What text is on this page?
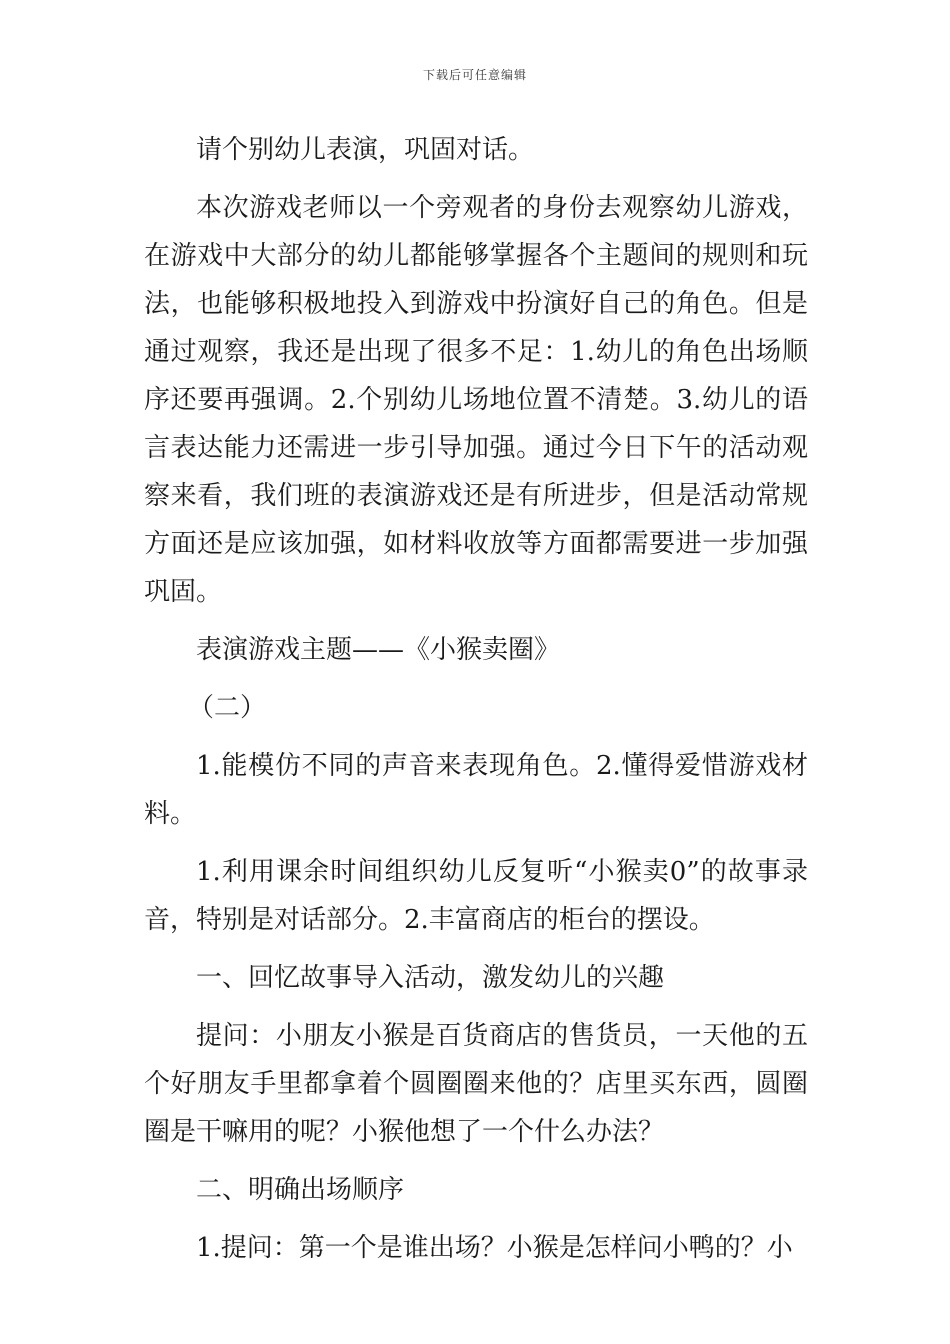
下载后可任意编辑

请个别幼儿表演，巩固对话。

本次游戏老师以一个旁观者的身份去观察幼儿游戏，在游戏中大部分的幼儿都能够掌握各个主题间的规则和玩法，也能够积极地投入到游戏中扮演好自己的角色。但是通过观察，我还是出现了很多不足：1.幼儿的角色出场顺序还要再强调。2.个别幼儿场地位置不清楚。3.幼儿的语言表达能力还需进一步引导加强。通过今日下午的活动观察来看，我们班的表演游戏还是有所进步，但是活动常规方面还是应该加强，如材料收放等方面都需要进一步加强巩固。

表演游戏主题——《小猴卖圈》

（二）

1.能模仿不同的声音来表现角色。2.懂得爱惜游戏材料。

1.利用课余时间组织幼儿反复听“小猴卖0”的故事录音，特别是对话部分。2.丰富商店的柜台的摆设。

一、回忆故事导入活动，激发幼儿的兴趣

提问：小朋友小猴是百货商店的售货员，一天他的五个好朋友手里都拿着个圆圈圈来他的？店里买东西，圆圈圈是干嘛用的呢？小猴他想了一个什么办法？

二、明确出场顺序

1.提问：第一个是谁出场？小猴是怎样问小鸭的？小
